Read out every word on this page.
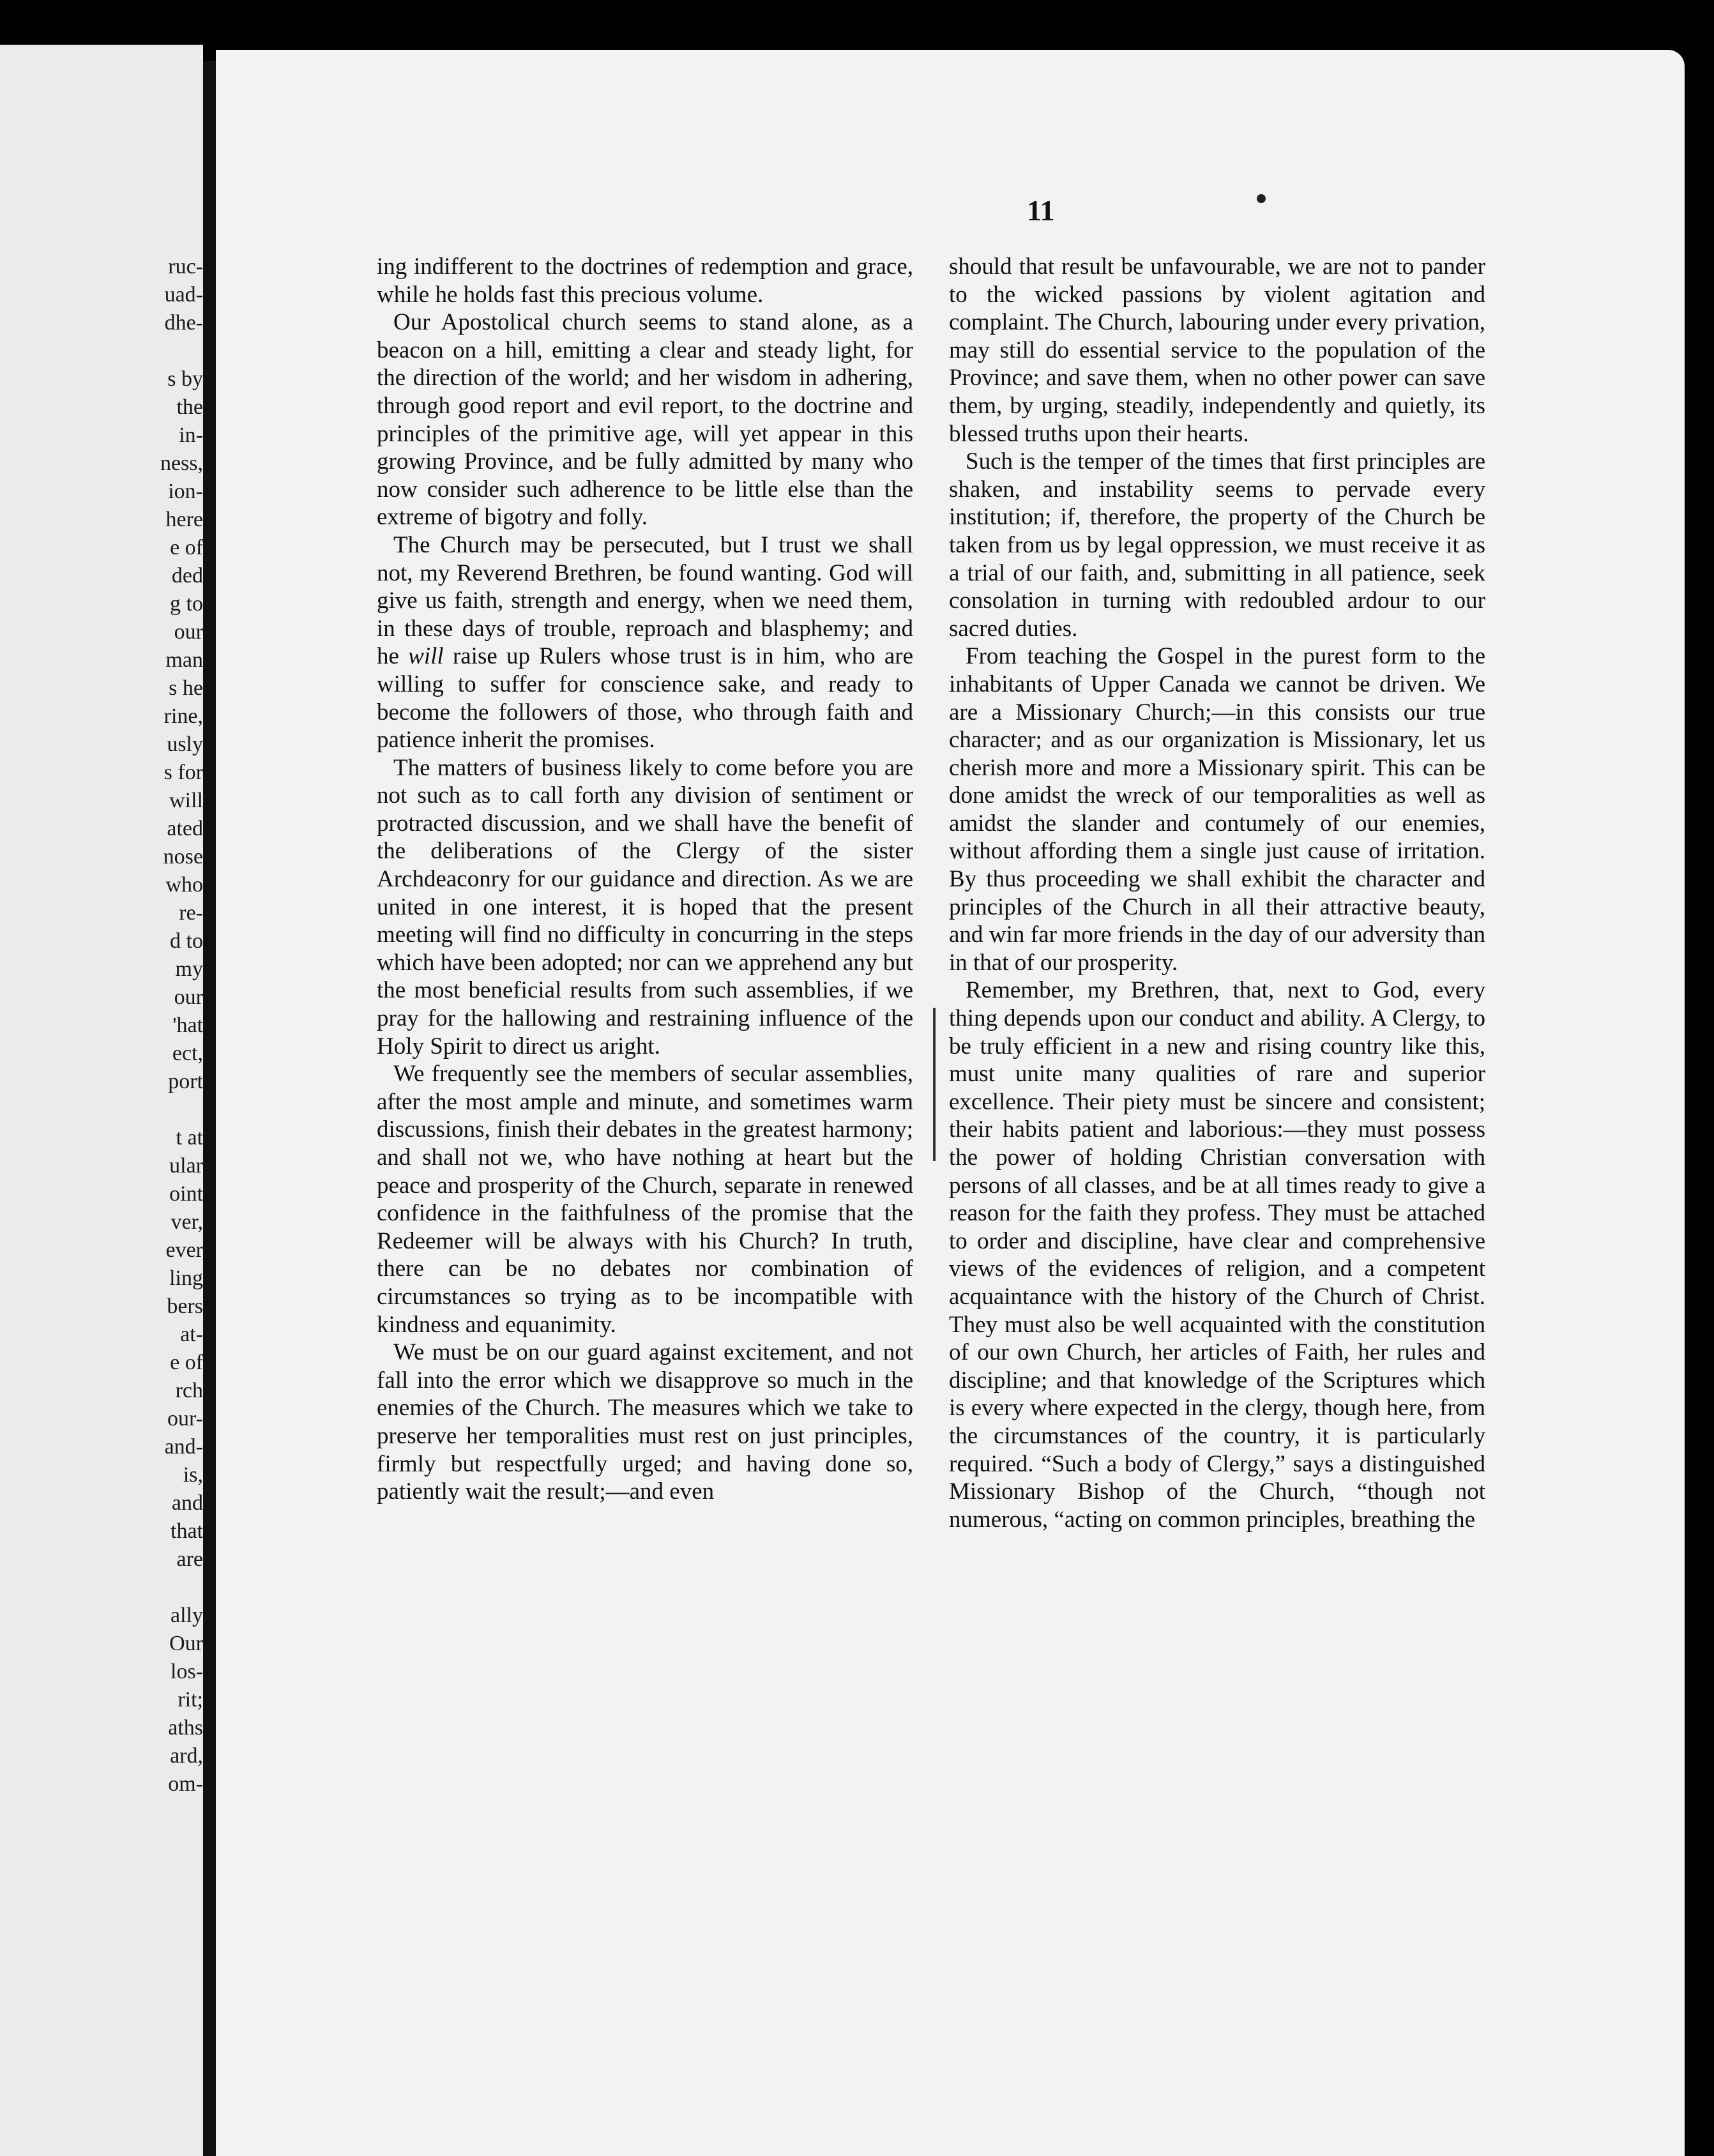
ruc-
uad-
dhe-

s by
the
in-
ness,
ion-
here
e of
ded
g to
our
man
s he
rine,
usly
s for
will
ated
nose
who
re-
d to
my
our
'hat
ect,
port

t at
ular
oint
ver,
ever
ling
bers
at-
e of
rch
our-
and-
is,
and
that
are

ally
Our
los-
rit;
aths
ard,
om-
11

ing indifferent to the doctrines of redemption and grace, while he holds fast this precious volume.

Our Apostolical church seems to stand alone, as a beacon on a hill, emitting a clear and steady light, for the direction of the world; and her wisdom in adhering, through good report and evil report, to the doctrine and principles of the primitive age, will yet appear in this growing Province, and be fully admitted by many who now consider such adherence to be little else than the extreme of bigotry and folly.

The Church may be persecuted, but I trust we shall not, my Reverend Brethren, be found wanting. God will give us faith, strength and energy, when we need them, in these days of trouble, reproach and blasphemy; and he will raise up Rulers whose trust is in him, who are willing to suffer for conscience sake, and ready to become the followers of those, who through faith and patience inherit the promises.

The matters of business likely to come before you are not such as to call forth any division of sentiment or protracted discussion, and we shall have the benefit of the deliberations of the Clergy of the sister Archdeaconry for our guidance and direction. As we are united in one interest, it is hoped that the present meeting will find no difficulty in concurring in the steps which have been adopted; nor can we apprehend any but the most beneficial results from such assemblies, if we pray for the hallowing and restraining influence of the Holy Spirit to direct us aright.

We frequently see the members of secular assemblies, after the most ample and minute, and sometimes warm discussions, finish their debates in the greatest harmony; and shall not we, who have nothing at heart but the peace and prosperity of the Church, separate in renewed confidence in the faithfulness of the promise that the Redeemer will be always with his Church? In truth, there can be no debates nor combination of circumstances so trying as to be incompatible with kindness and equanimity.

We must be on our guard against excitement, and not fall into the error which we disapprove so much in the enemies of the Church. The measures which we take to preserve her temporalities must rest on just principles, firmly but respectfully urged; and having done so, patiently wait the result;—and even

should that result be unfavourable, we are not to pander to the wicked passions by violent agitation and complaint. The Church, labouring under every privation, may still do essential service to the population of the Province; and save them, when no other power can save them, by urging, steadily, independently and quietly, its blessed truths upon their hearts.

Such is the temper of the times that first principles are shaken, and instability seems to pervade every institution; if, therefore, the property of the Church be taken from us by legal oppression, we must receive it as a trial of our faith, and, submitting in all patience, seek consolation in turning with redoubled ardour to our sacred duties.

From teaching the Gospel in the purest form to the inhabitants of Upper Canada we cannot be driven. We are a Missionary Church;—in this consists our true character; and as our organization is Missionary, let us cherish more and more a Missionary spirit. This can be done amidst the wreck of our temporalities as well as amidst the slander and contumely of our enemies, without affording them a single just cause of irritation. By thus proceeding we shall exhibit the character and principles of the Church in all their attractive beauty, and win far more friends in the day of our adversity than in that of our prosperity.

Remember, my Brethren, that, next to God, every thing depends upon our conduct and ability. A Clergy, to be truly efficient in a new and rising country like this, must unite many qualities of rare and superior excellence. Their piety must be sincere and consistent; their habits patient and laborious:—they must possess the power of holding Christian conversation with persons of all classes, and be at all times ready to give a reason for the faith they profess. They must be attached to order and discipline, have clear and comprehensive views of the evidences of religion, and a competent acquaintance with the history of the Church of Christ. They must also be well acquainted with the constitution of our own Church, her articles of Faith, her rules and discipline; and that knowledge of the Scriptures which is every where expected in the clergy, though here, from the circumstances of the country, it is particularly required. “Such a body of Clergy,” says a distinguished Missionary Bishop of the Church, “though not numerous, “acting on common principles, breathing the
